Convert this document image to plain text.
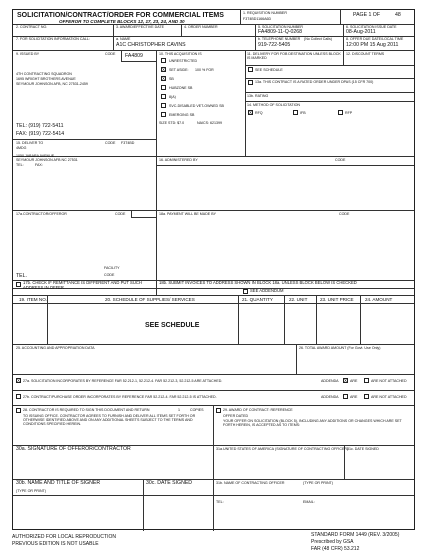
SOLICITATION/CONTRACT/ORDER FOR COMMERCIAL ITEMS
OFFEROR TO COMPLETE BLOCKS 12, 17, 23, 24, AND 30
1. REQUISITION NUMBER
F3T4BD1166A6D
PAGE 1 OF	48
2. CONTRACT NO.	3. AWARD/EFFECTIVE DATE	4. ORDER NUMBER	5. SOLICITATION NUMBER
FA4809-11-Q-0268
6. SOLICITATION ISSUE DATE
08-Aug-2011
7. FOR SOLICITATION INFORMATION CALL:	a. NAME
A1C CHRISTOPHER CAVINS
b. TELEPHONE NUMBER (No Collect Calls)
919-722-5405
8. OFFER DUE DATE/LOCAL TIME
12:00 PM 15 Aug 2011
9. ISSUED BY	CODE FA4809
4TH CONTRACTING SQUADRON
1695 WRIGHT BROTHERS AVENUE
SEYMOUR JOHNSON AFB, NC 27531-2459
TEL: (919) 722-5411
FAX: (919) 722-5414
10. THIS ACQUISITION IS
UNRESTRICTED
X SET ASIDE: 100 % FOR
X SB
HUBZONE SB
8(A)
SVC-DISABLED VET-OWNED SB
EMERGING SB
SIZE STD: $7.0	NAICS: 621399
11. DELIVERY FOR FOB DESTINATION UNLESS BLOCK IS MARKED
12. DISCOUNT TERMS
SEE SCHEDULE
13a. THIS CONTRACT IS A RATED ORDER UNDER DPAS (15 CFR 700)
13b. RATING
14. METHOD OF SOLICITATION
X RFQ	IFB	RFP
15. DELIVER TO	CODE F3T4BD
4MDG
1050 JABARA AVENUE
SEYMOUR JOHNSON AFB NC 27531
TEL:	FAX:
16. ADMINISTERED BY	CODE
17a.CONTRACTOR/OFFEROR	CODE	18a. PAYMENT WILL BE MADE BY	CODE
FACILITY
CODE
TEL.
17b. CHECK IF REMITTANCE IS DIFFERENT AND PUT SUCH ADDRESS IN OFFER
18b. SUBMIT INVOICES TO ADDRESS SHOWN IN BLOCK 18a. UNLESS BLOCK BELOW IS CHECKED
SEE ADDENDUM
19. ITEM NO.	20. SCHEDULE OF SUPPLIES/ SERVICES	21. QUANTITY	22. UNIT	23. UNIT PRICE 24. AMOUNT
SEE SCHEDULE
25. ACCOUNTING AND APPROPRIATION DATA	26. TOTAL AWARD AMOUNT (For Govt. Use Only)
X 27a. SOLICITATION INCORPORATES BY REFERENCE FAR 52.212-1, 52.212-4. FAR 52.212-3, 52.212-5 ARE ATTACHED.	ADDENDA X ARE	ARE NOT ATTACHED
27b. CONTRACT/PURCHASE ORDER INCORPORATES BY REFERENCE FAR 52.212-4. FAR 52.212-5 IS ATTACHED.	ADDENDA	ARE	ARE NOT ATTACHED
28. CONTRACTOR IS REQUIRED TO SIGN THIS DOCUMENT AND RETURN	1	COPIES
TO ISSUING OFFICE. CONTRACTOR AGREES TO FURNISH AND DELIVER ALL ITEMS SET FORTH OR OTHERWISE IDENTIFIED ABOVE AND ON ANY ADDITIONAL SHEETS SUBJECT TO THE TERMS AND CONDITIONS SPECIFIED HEREIN.
29. AWARD OF CONTRACT: REFERENCE
OFFER DATED
YOUR OFFER ON SOLICITATION (BLOCK 5), INCLUDING ANY ADDITIONS OR CHANGES WHICH ARE SET FORTH HEREIN, IS ACCEPTED AS TO ITEMS:
30a. SIGNATURE OF OFFEROR/CONTRACTOR	31a.UNITED STATES OF AMERICA (SIGNATURE OF CONTRACTING OFFICER)
31c. DATE SIGNED
30b. NAME AND TITLE OF SIGNER
(TYPE OR PRINT)
30c. DATE SIGNED	31b. NAME OF CONTRACTING OFFICER	(TYPE OR PRINT)
TEL:	EMAIL:
AUTHORIZED FOR LOCAL REPRODUCTION
PREVIOUS EDITION IS NOT USABLE
STANDARD FORM 1449 (REV. 3/2005)
Prescribed by GSA
FAR (48 CFR) 53.212
